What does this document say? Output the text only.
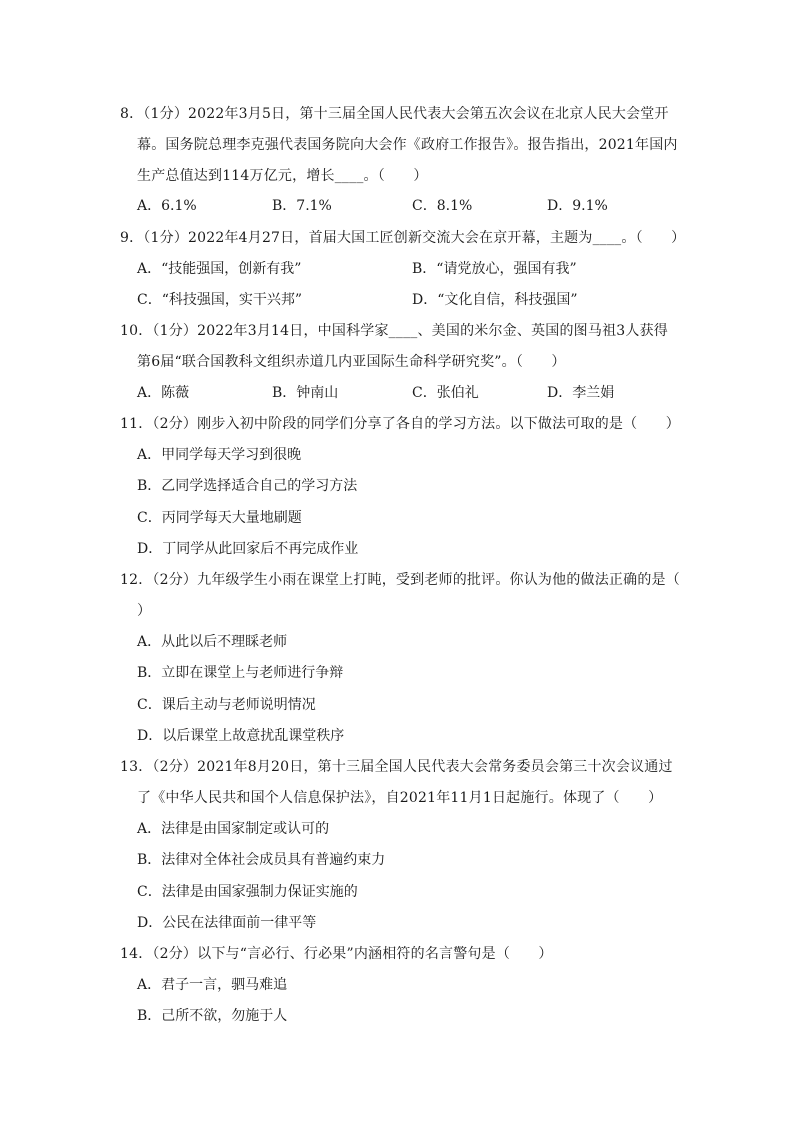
8．（1分）2022年3月5日，第十三届全国人民代表大会第五次会议在北京人民大会堂开
幕。国务院总理李克强代表国务院向大会作《政府工作报告》。报告指出，2021年国内
生产总值达到114万亿元，增长____。（　　）
A．6.1%	B．7.1%	C．8.1%	D．9.1%
9．（1分）2022年4月27日，首届大国工匠创新交流大会在京开幕，主题为____。（　　）
A．“技能强国，创新有我”	B．“请党放心，强国有我”
C．“科技强国，实干兴邦”	D．“文化自信，科技强国”
10．（1分）2022年3月14日，中国科学家____、美国的米尔金、英国的图马祖3人获得
第6届“联合国教科文组织赤道几内亚国际生命科学研究奖”。（　　）
A．陈薇	B．钟南山	C．张伯礼	D．李兰娟
11．（2分）刚步入初中阶段的同学们分享了各自的学习方法。以下做法可取的是（　　）
A．甲同学每天学习到很晚
B．乙同学选择适合自己的学习方法
C．丙同学每天大量地刷题
D．丁同学从此回家后不再完成作业
12．（2分）九年级学生小雨在课堂上打盹，受到老师的批评。你认为他的做法正确的是（
）
A．从此以后不理睬老师
B．立即在课堂上与老师进行争辩
C．课后主动与老师说明情况
D．以后课堂上故意扰乱课堂秩序
13．（2分）2021年8月20日，第十三届全国人民代表大会常务委员会第三十次会议通过
了《中华人民共和国个人信息保护法》，自2021年11月1日起施行。体现了（　　）
A．法律是由国家制定或认可的
B．法律对全体社会成员具有普遍约束力
C．法律是由国家强制力保证实施的
D．公民在法律面前一律平等
14．（2分）以下与“言必行、行必果”内涵相符的名言警句是（　　）
A．君子一言，驷马难追
B．己所不欲，勿施于人
